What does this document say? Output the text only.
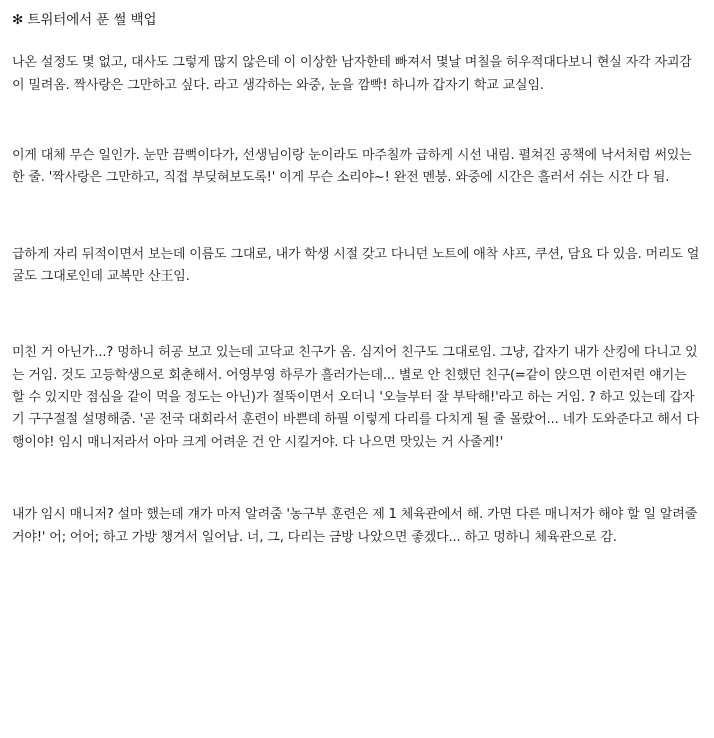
✻ 트위터에서 푼 썰 백업

나온 설정도 몇 없고, 대사도 그렇게 많지 않은데 이 이상한 남자한테 빠져서 몇날 며칠을 허우적대다보니 현실 자각 자괴감이 밀려옴. 짝사랑은 그만하고 싶다. 라고 생각하는 와중, 눈을 깜빡! 하니까 갑자기 학교 교실임.

이게 대체 무슨 일인가. 눈만 끔뻑이다가, 선생님이랑 눈이라도 마주칠까 급하게 시선 내림. 펼쳐진 공책에 낙서처럼 써있는 한 줄. '짝사랑은 그만하고, 직접 부딪혀보도록!' 이게 무슨 소리야~! 완전 멘붕. 와중에 시간은 흘러서 쉬는 시간 다 됨.

급하게 자리 뒤적이면서 보는데 이름도 그대로, 내가 학생 시절 갖고 다니던 노트에 애착 샤프, 쿠션, 담요 다 있음. 머리도 얼굴도 그대로인데 교복만 산王임.

미친 거 아닌가...? 멍하니 허공 보고 있는데 고닥교 친구가 옴. 심지어 친구도 그대로임. 그냥, 갑자기 내가 산킹에 다니고 있는 거임. 것도 고등학생으로 회춘해서. 어영부영 하루가 흘러가는데... 별로 안 친했던 친구(=같이 앉으면 이런저런 얘기는 할 수 있지만 점심을 같이 먹을 정도는 아닌)가 절뚝이면서 오더니 '오늘부터 잘 부탁해!'라고 하는 거임. ? 하고 있는데 갑자기 구구절절 설명해줌. '곧 전국 대회라서 훈련이 바쁜데 하필 이렇게 다리를 다치게 될 줄 몰랐어... 네가 도와준다고 해서 다행이야! 임시 매니저라서 아마 크게 어려운 건 안 시킬거야. 다 나으면 맛있는 거 사줄게!'

내가 임시 매니저? 설마 했는데 걔가 마저 알려줌 '농구부 훈련은 제 1 체육관에서 해. 가면 다른 매니저가 해야 할 일 알려줄 거야!' 어; 어어; 하고 가방 챙겨서 일어남. 너, 그, 다리는 금방 나았으면 좋겠다... 하고 멍하니 체육관으로 감.
